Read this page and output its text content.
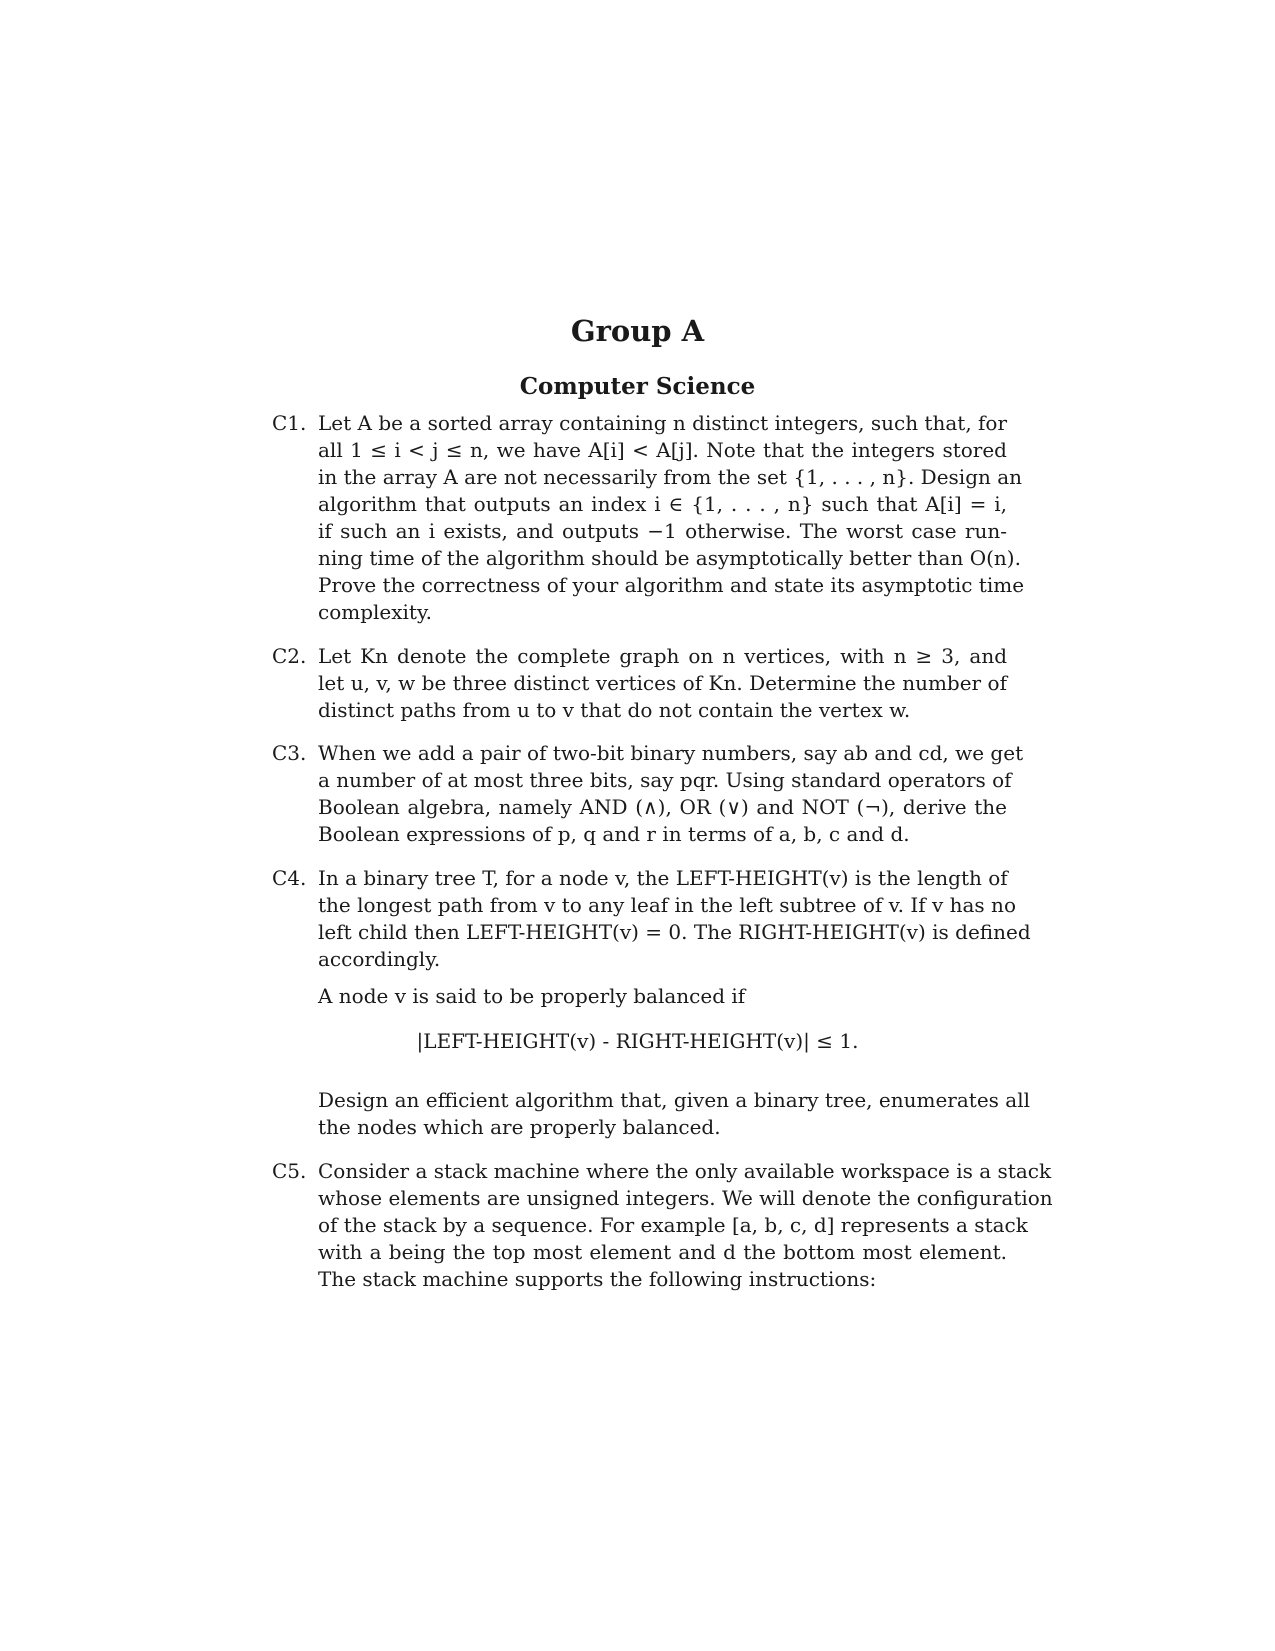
Group A
Computer Science
C1. Let A be a sorted array containing n distinct integers, such that, for
all 1 ≤ i < j ≤ n, we have A[i] < A[j]. Note that the integers stored
in the array A are not necessarily from the set {1, . . . , n}. Design an
algorithm that outputs an index i ∈ {1, . . . , n} such that A[i] = i,
if such an i exists, and outputs −1 otherwise. The worst case run-
ning time of the algorithm should be asymptotically better than O(n).
Prove the correctness of your algorithm and state its asymptotic time
complexity.
C2. Let Kn denote the complete graph on n vertices, with n ≥ 3, and
let u, v, w be three distinct vertices of Kn. Determine the number of
distinct paths from u to v that do not contain the vertex w.
C3. When we add a pair of two-bit binary numbers, say ab and cd, we get
a number of at most three bits, say pqr. Using standard operators of
Boolean algebra, namely AND (∧), OR (∨) and NOT (¬), derive the
Boolean expressions of p, q and r in terms of a, b, c and d.
C4. In a binary tree T, for a node v, the LEFT-HEIGHT(v) is the length of
the longest path from v to any leaf in the left subtree of v. If v has no
left child then LEFT-HEIGHT(v) = 0. The RIGHT-HEIGHT(v) is defined
accordingly.
A node v is said to be properly balanced if
Design an efficient algorithm that, given a binary tree, enumerates all
the nodes which are properly balanced.
|LEFT-HEIGHT(v) - RIGHT-HEIGHT(v)| ≤ 1.
C5. Consider a stack machine where the only available workspace is a stack
whose elements are unsigned integers. We will denote the configuration
of the stack by a sequence. For example [a, b, c, d] represents a stack
with a being the top most element and d the bottom most element.
The stack machine supports the following instructions:
